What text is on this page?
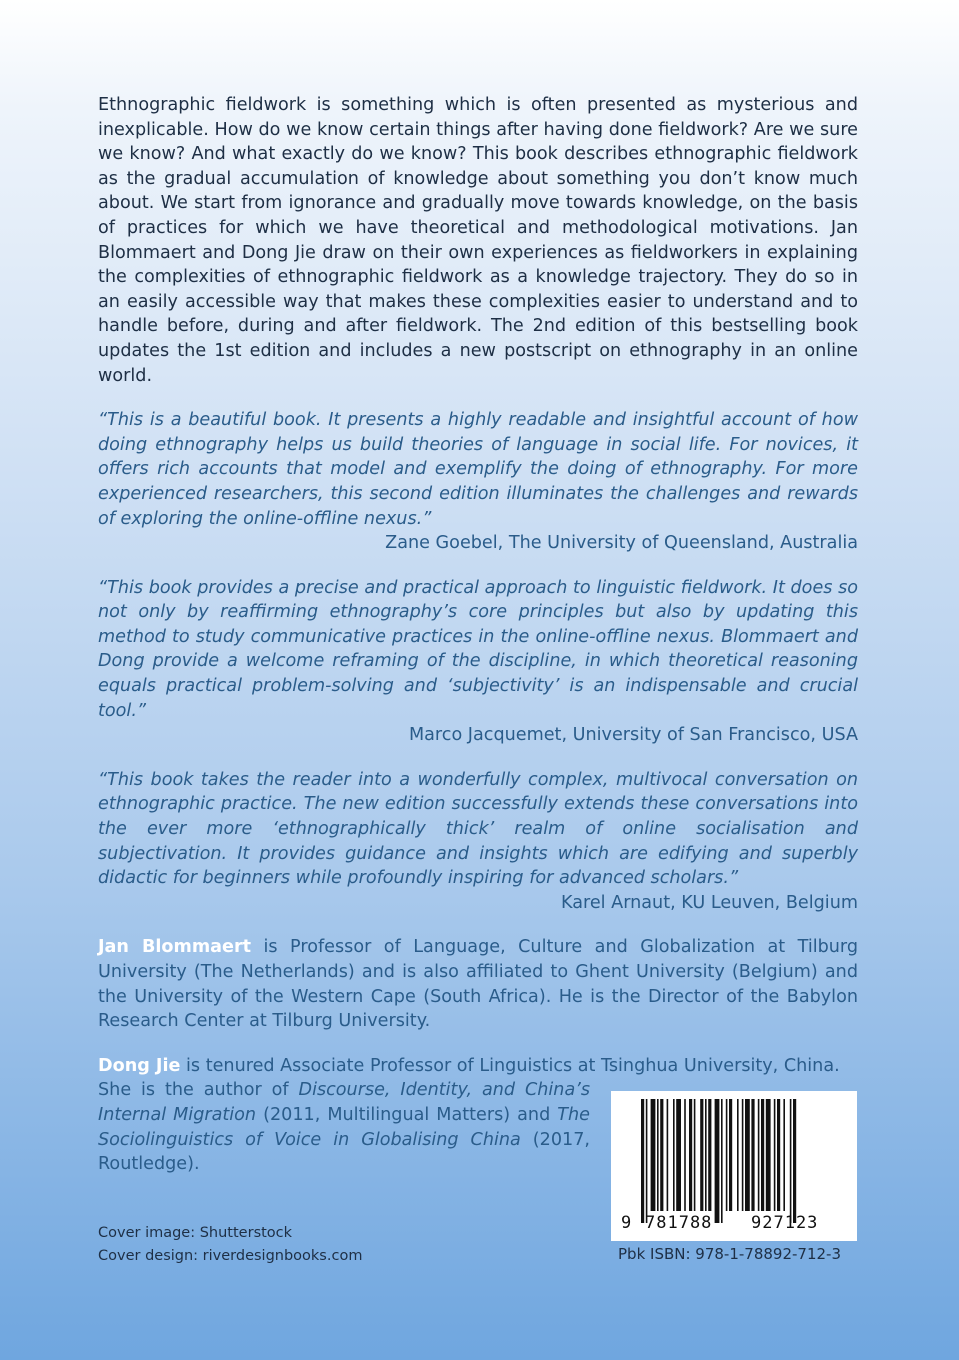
Ethnographic fieldwork is something which is often presented as mysterious and inexplicable. How do we know certain things after having done fieldwork? Are we sure we know? And what exactly do we know? This book describes ethnographic fieldwork as the gradual accumulation of knowledge about something you don’t know much about. We start from ignorance and gradually move towards knowledge, on the basis of practices for which we have theoretical and methodological motivations. Jan Blommaert and Dong Jie draw on their own experiences as fieldworkers in explaining the complexities of ethnographic fieldwork as a knowledge trajectory. They do so in an easily accessible way that makes these complexities easier to understand and to handle before, during and after fieldwork. The 2nd edition of this bestselling book updates the 1st edition and includes a new postscript on ethnography in an online world.

“This is a beautiful book. It presents a highly readable and insightful account of how doing ethnography helps us build theories of language in social life. For novices, it offers rich accounts that model and exemplify the doing of ethnography. For more experienced researchers, this second edition illuminates the challenges and rewards of exploring the online-offline nexus.”

Zane Goebel, The University of Queensland, Australia

“This book provides a precise and practical approach to linguistic fieldwork. It does so not only by reaffirming ethnography’s core principles but also by updating this method to study communicative practices in the online-offline nexus. Blommaert and Dong provide a welcome reframing of the discipline, in which theoretical reasoning equals practical problem-solving and ‘subjectivity’ is an indispensable and crucial tool.”

Marco Jacquemet, University of San Francisco, USA

“This book takes the reader into a wonderfully complex, multivocal conversation on ethnographic practice. The new edition successfully extends these conversations into the ever more ‘ethnographically thick’ realm of online socialisation and subjectivation. It provides guidance and insights which are edifying and superbly didactic for beginners while profoundly inspiring for advanced scholars.”

Karel Arnaut, KU Leuven, Belgium

Jan Blommaert is Professor of Language, Culture and Globalization at Tilburg University (The Netherlands) and is also affiliated to Ghent University (Belgium) and the University of the Western Cape (South Africa). He is the Director of the Babylon Research Center at Tilburg University.

Dong Jie is tenured Associate Professor of Linguistics at Tsinghua University, China.

She is the author of Discourse, Identity, and China’s Internal Migration (2011, Multilingual Matters) and The Sociolinguistics of Voice in Globalising China (2017, Routledge).

Cover image: Shutterstock
Cover design: riverdesignbooks.com
9 781788 927123
Pbk ISBN: 978-1-78892-712-3
